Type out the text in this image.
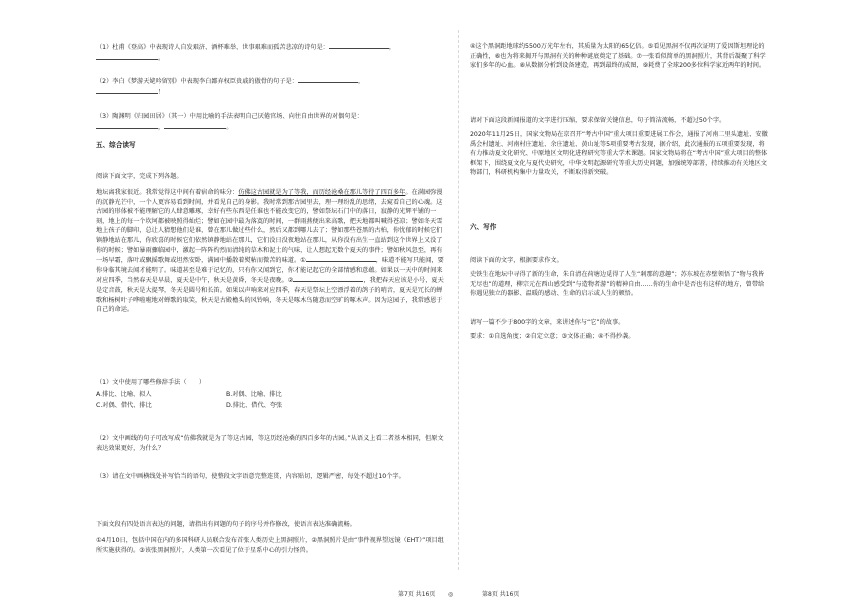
（1）杜甫《登高》中表现诗人自发艰济、酒杯难举、世事艰难而孤苦悲凉的诗句是：	，
。
（2）李白《梦游天姥吟留别》中表现李白鄙弃权臣贵戚的傲骨的句子是：	，
！
（3）陶渊明《归园田居》（其一）中用比喻的手法表明自己厌倦官场、向往自由世界的对偶句是：
，	。
五、综合读写
阅读下面文字，完成下列各题。
地坛离我家很近。我常觉得这中间有着宿命的味分：仿佛这古园就是为了等我，而历经沧桑在那儿等待了四百多年。在满园弥漫的沉静光芒中，一个人更容易看到时间，并看见自己的身影。我时常到那古园里去，理一理纷乱的思绪，去窥看自己的心魂。这古园的形体被不能理解它的人肆意雕琢，幸好有些东西是任谁也不能改变它的，譬如祭坛石门中的落日，寂静的光辉平铺的一刻，地上的每一个坎坷都被映照得灿烂；譬如在园中最为落寞的时间，一群雨燕便出来高歌，把天地都叫喊得苍凉；譬如冬天雪地上孩子的脚印，总让人猜想他们是谁，曾在那儿做过些什么，然后又都到哪儿去了；譬如那些苍黑的古柏，你忧郁的时候它们镇静地站在那儿，你欣喜的时候它们依然镇静地站在那儿，它们没日没夜地站在那儿，从你没有出生一直站到这个世界上又没了你的时候；譬如暴雨骤临园中，激起一阵阵灼烈而清纯的草木和泥土的气味，让人想起无数个夏天的事件；譬如秋风忽至，再有一场早霜，落叶或飘摇歌舞或坦然安卧，满园中播散着熨帖而微苦的味道。①	，味道不能写只能闻，要你身临其境去闻才能明了。味道甚至是难于记忆的，只有你又闻到它，你才能记起它的全部情感和意蕴。如果以一天中的时间来对应四季，当然春天是早晨，夏天是中午，秋天是黄昏，冬天是夜晚。②	，我把春天应该是小号，夏天是定音鼓，秋天是大提琴，冬天是圆号和长笛。如果以声响来对应四季，春天是祭坛上空漂浮着的鸽子的哨音，夏天是冗长的蝉歌和杨树叶子哗啦啦地对蝉歌的取笑，秋天是古殿檐头的风铃响，冬天是啄木鸟随意而空旷的啄木声。因为这园子，我常感恩于自己的命运。
（1）文中使用了哪些修辞手法（　　）
A.排比、比喻、拟人	B.对偶、比喻、排比
C.对偶、借代、排比	D.排比、借代、夸张
（2）文中画线的句子可改写成“仿佛我就是为了等这古园，等这历经沧桑的四百多年的古园。”从语义上看二者基本相同，但原文表达效果更好，为什么？
（3）请在文中画横线处补写恰当的语句，使整段文字语意完整连贯，内容贴切，逻辑严密，每处不超过10个字。
下面文段有四处语言表达的问题，请指出有问题的句子的序号并作修改，使语言表达准确流畅。
①4月10日，包括中国在内的多国科研人员联合发布首张人类历史上黑洞照片，②黑洞照片是由“事件视界望远镜（EHT）”项目组所实施获得的。③该张黑洞照片，人类第一次看见了位于星系中心的引力怪兽。
④这个黑洞距地球约5500万光年左右，其质量为太阳的65亿倍。⑤看见黑洞不仅再次证明了爱因斯坦理论的正确性，⑥也为将来揭开与黑洞有关的种种谜底奠定了基础。⑦一张看似简单的黑洞照片，其背后凝聚了科学家们多年的心血。⑧从数据分析到设备建造，再到最终的成图，⑨耗费了全球200多位科学家近两年的时间。
请对下面这段新闻报道的文字进行压缩，要求保留关键信息，句子简洁流畅，不超过50个字。
2020年11月25日，国家文物局在京召开“考古中国”重大项目重要进展工作会，通报了河南二里头遗址、安徽禹会村遗址、河南村庄遗址、余庄遗址、黄山址等5项重要考古发现，据介绍，此次通报的五项重要发现，将有力推动夏文化研究、中原地区文明化进程研究等重大学术课题。国家文物局将在“考古中国”重大项目的整体框架下，围绕夏文化与夏代史研究，中华文明起源研究等重大历史问题，加强统筹部署，持续推动有关地区文物部门，科研机构集中力量攻关，不断取得新突破。
六、写作
阅读下面的文字，根据要求作文。
史铁生在地坛中寻得了新的生命，朱自清在荷塘边觅得了人生“剎那的意趣”；苏东坡在赤壁领悟了“物与我皆无尽也”的道理，柳宗元在西山感受到“与造物者游”的精神自由……你的生命中是否也有这样的地方，曾带给你遇见独立的器影、温暖的感动、生命的启示或人生的顿悟。
请写一篇不少于800字的文章，来讲述你与“它”的故事。
要求：①自选角度；②自定立意；③文体正确；④不得抄袭。
第7页 共16页 ◎	第8页 共16页
